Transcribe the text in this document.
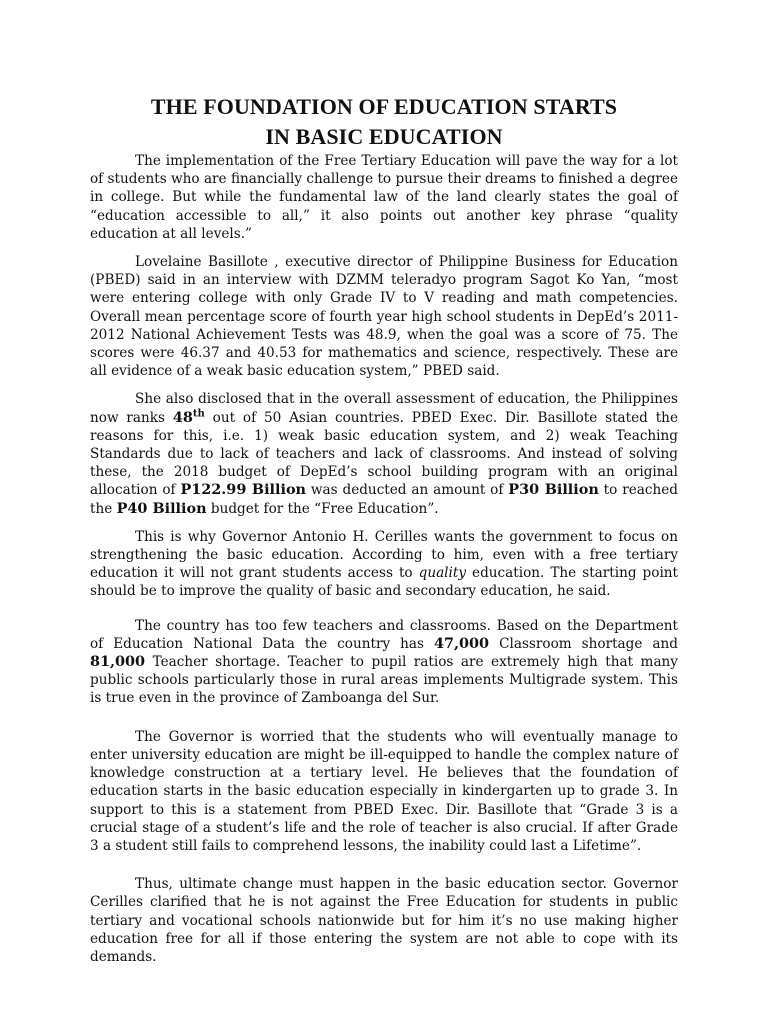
THE FOUNDATION OF EDUCATION STARTS
IN BASIC EDUCATION

The implementation of the Free Tertiary Education will pave the way for a lot of students who are financially challenge to pursue their dreams to finished a degree in college. But while the fundamental law of the land clearly states the goal of “education accessible to all,” it also points out another key phrase “quality education at all levels.”

Lovelaine Basillote , executive director of Philippine Business for Education (PBED) said in an interview with DZMM teleradyo program Sagot Ko Yan, “most were entering college with only Grade IV to V reading and math competencies. Overall mean percentage score of fourth year high school students in DepEd’s 2011-2012 National Achievement Tests was 48.9, when the goal was a score of 75. The scores were 46.37 and 40.53 for mathematics and science, respectively. These are all evidence of a weak basic education system,” PBED said.

She also disclosed that in the overall assessment of education, the Philippines now ranks 48th out of 50 Asian countries. PBED Exec. Dir. Basillote stated the reasons for this, i.e. 1) weak basic education system, and 2) weak Teaching Standards due to lack of teachers and lack of classrooms. And instead of solving these, the 2018 budget of DepEd’s school building program with an original allocation of P122.99 Billion was deducted an amount of P30 Billion to reached the P40 Billion budget for the “Free Education”.

This is why Governor Antonio H. Cerilles wants the government to focus on strengthening the basic education. According to him, even with a free tertiary education it will not grant students access to quality education. The starting point should be to improve the quality of basic and secondary education, he said.

The country has too few teachers and classrooms. Based on the Department of Education National Data the country has 47,000 Classroom shortage and 81,000 Teacher shortage. Teacher to pupil ratios are extremely high that many public schools particularly those in rural areas implements Multigrade system. This is true even in the province of Zamboanga del Sur.

The Governor is worried that the students who will eventually manage to enter university education are might be ill-equipped to handle the complex nature of knowledge construction at a tertiary level. He believes that the foundation of education starts in the basic education especially in kindergarten up to grade 3. In support to this is a statement from PBED Exec. Dir. Basillote that “Grade 3 is a crucial stage of a student’s life and the role of teacher is also crucial. If after Grade 3 a student still fails to comprehend lessons, the inability could last a Lifetime”.

Thus, ultimate change must happen in the basic education sector. Governor Cerilles clarified that he is not against the Free Education for students in public tertiary and vocational schools nationwide but for him it’s no use making higher education free for all if those entering the system are not able to cope with its demands.
